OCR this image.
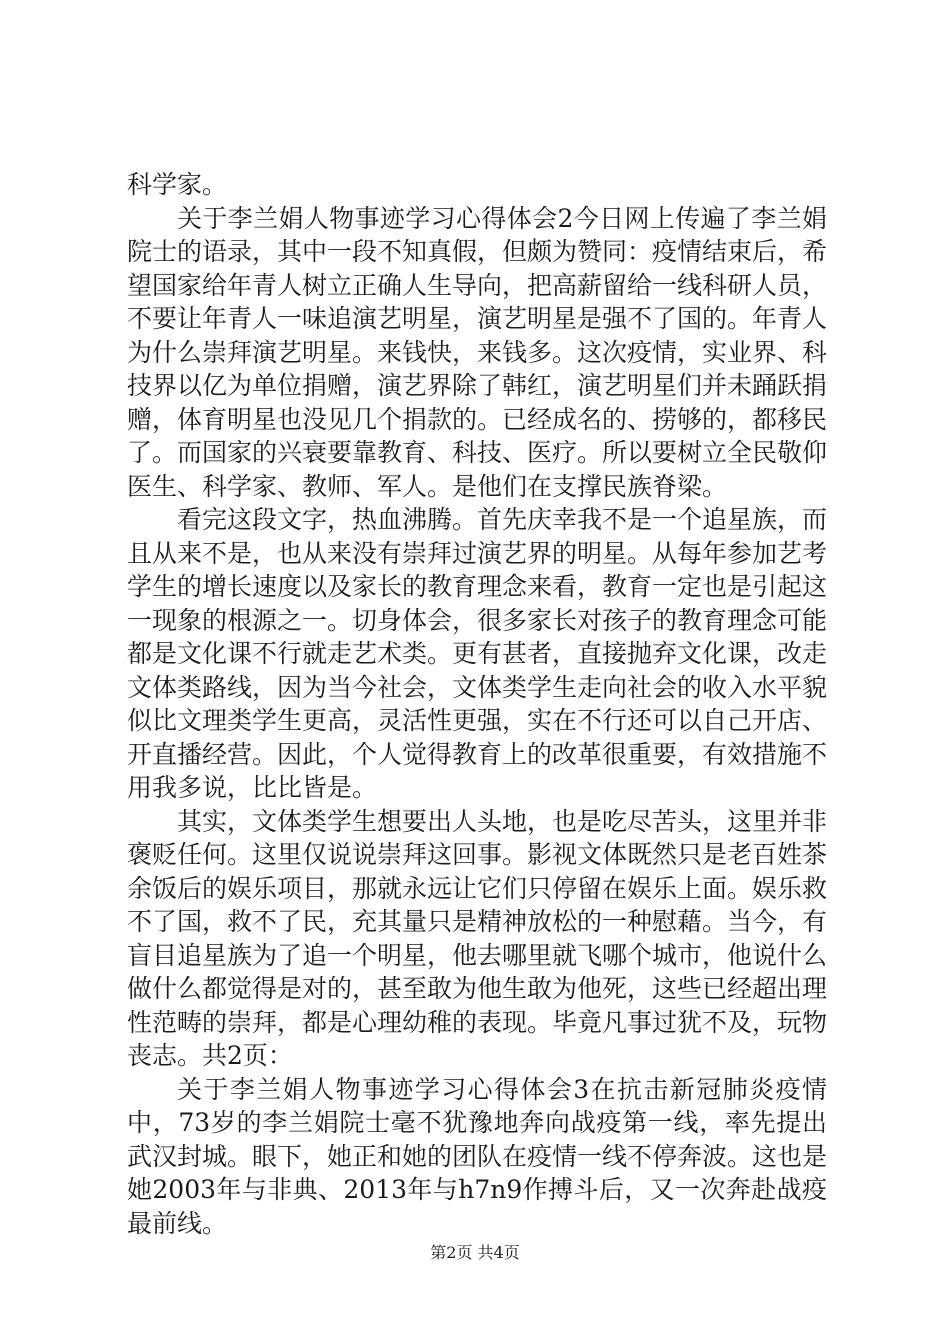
科学家。

关于李兰娟人物事迹学习心得体会2今日网上传遍了李兰娟院士的语录，其中一段不知真假，但颇为赞同：疫情结束后，希望国家给年青人树立正确人生导向，把高薪留给一线科研人员，不要让年青人一味追演艺明星，演艺明星是强不了国的。年青人为什么崇拜演艺明星。来钱快，来钱多。这次疫情，实业界、科技界以亿为单位捐赠，演艺界除了韩红，演艺明星们并未踊跃捐赠，体育明星也没见几个捐款的。已经成名的、捞够的，都移民了。而国家的兴衰要靠教育、科技、医疗。所以要树立全民敬仰医生、科学家、教师、军人。是他们在支撑民族脊梁。

看完这段文字，热血沸腾。首先庆幸我不是一个追星族，而且从来不是，也从来没有崇拜过演艺界的明星。从每年参加艺考学生的增长速度以及家长的教育理念来看，教育一定也是引起这一现象的根源之一。切身体会，很多家长对孩子的教育理念可能都是文化课不行就走艺术类。更有甚者，直接抛弃文化课，改走文体类路线，因为当今社会，文体类学生走向社会的收入水平貌似比文理类学生更高，灵活性更强，实在不行还可以自己开店、开直播经营。因此，个人觉得教育上的改革很重要，有效措施不用我多说，比比皆是。

其实，文体类学生想要出人头地，也是吃尽苦头，这里并非褒贬任何。这里仅说说崇拜这回事。影视文体既然只是老百姓茶余饭后的娱乐项目，那就永远让它们只停留在娱乐上面。娱乐救不了国，救不了民，充其量只是精神放松的一种慰藉。当今，有盲目追星族为了追一个明星，他去哪里就飞哪个城市，他说什么做什么都觉得是对的，甚至敢为他生敢为他死，这些已经超出理性范畴的崇拜，都是心理幼稚的表现。毕竟凡事过犹不及，玩物丧志。共2页：

关于李兰娟人物事迹学习心得体会3在抗击新冠肺炎疫情中，73岁的李兰娟院士毫不犹豫地奔向战疫第一线，率先提出武汉封城。眼下，她正和她的团队在疫情一线不停奔波。这也是她2003年与非典、2013年与h7n9作搏斗后，又一次奔赴战疫最前线。

第2页 共4页
